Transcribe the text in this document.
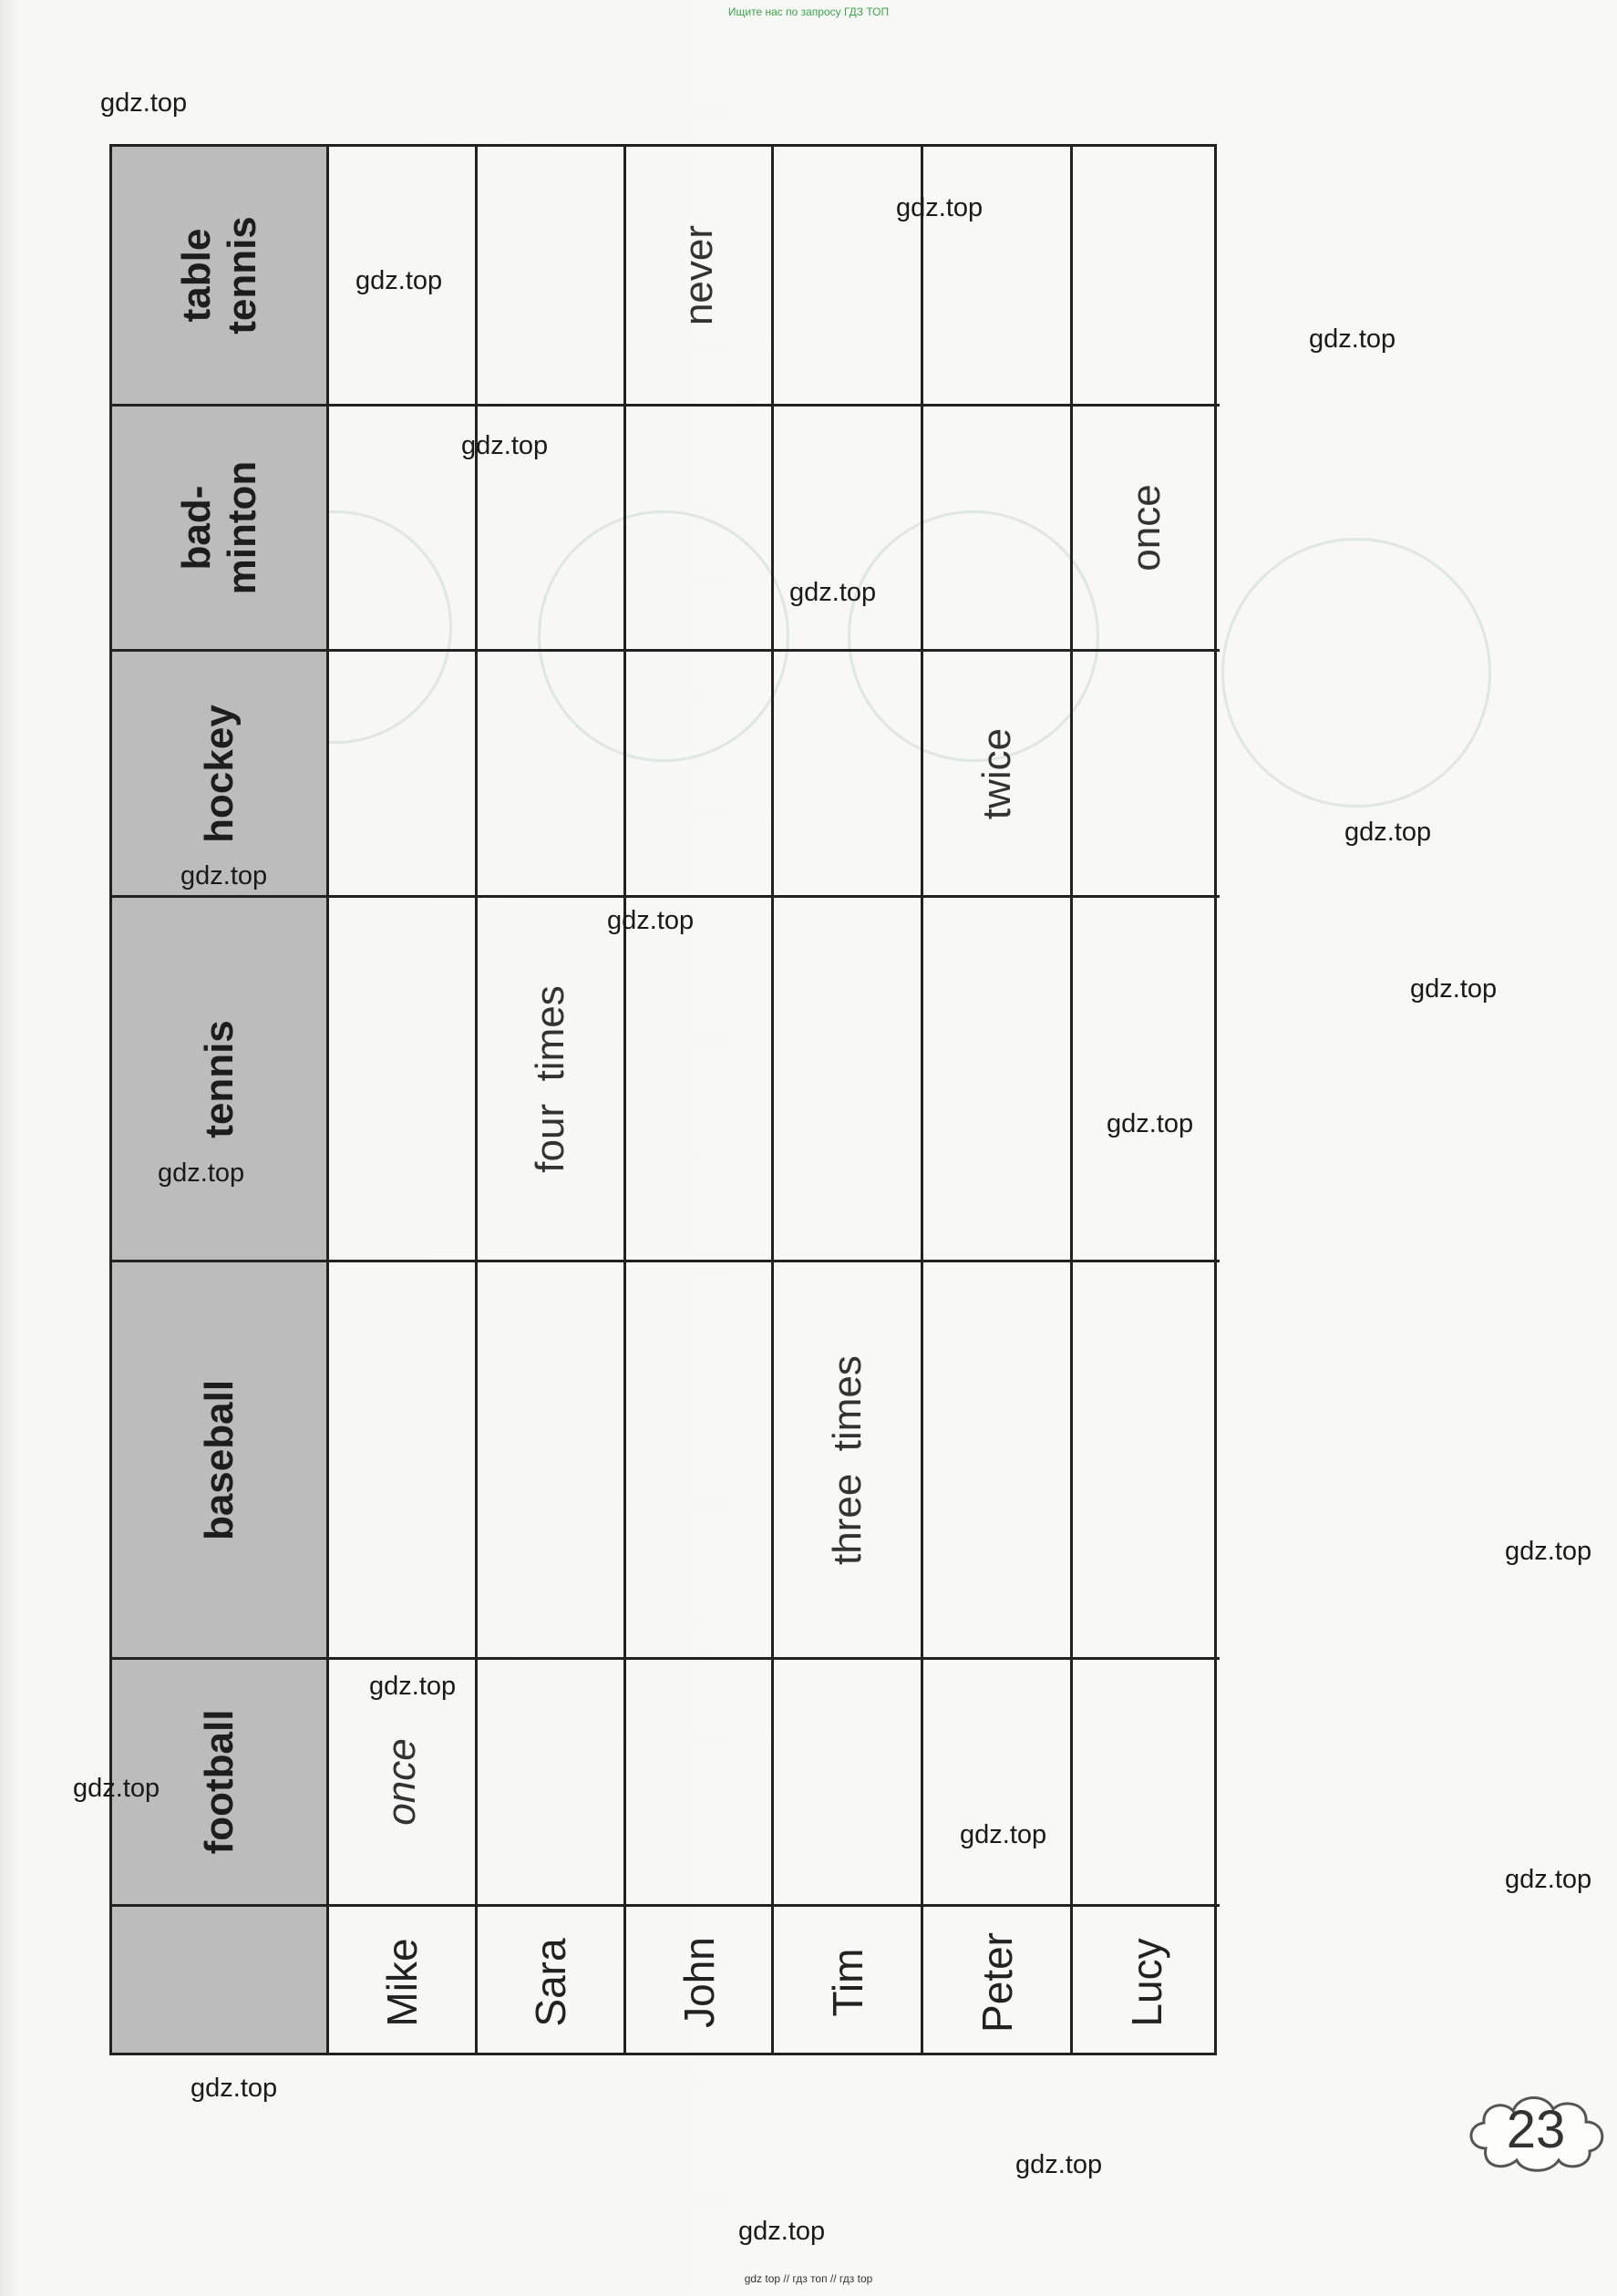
Ищите нас по запросу ГДЗ ТОП
table tennis
bad-minton
hockey
tennis
baseball
football	once
Mike
four  times
Sara
never
John
three  times
Tim
twice
Peter
once
Lucy
gdz.top
gdz.top
gdz.top
gdz.top
gdz.top
gdz.top
gdz.top
gdz.top
gdz.top
gdz.top
gdz.top
gdz.top
gdz.top
gdz.top
gdz.top
gdz.top
gdz.top
gdz.top
gdz.top
gdz.top
23
gdz top // гдз топ // гдз top
